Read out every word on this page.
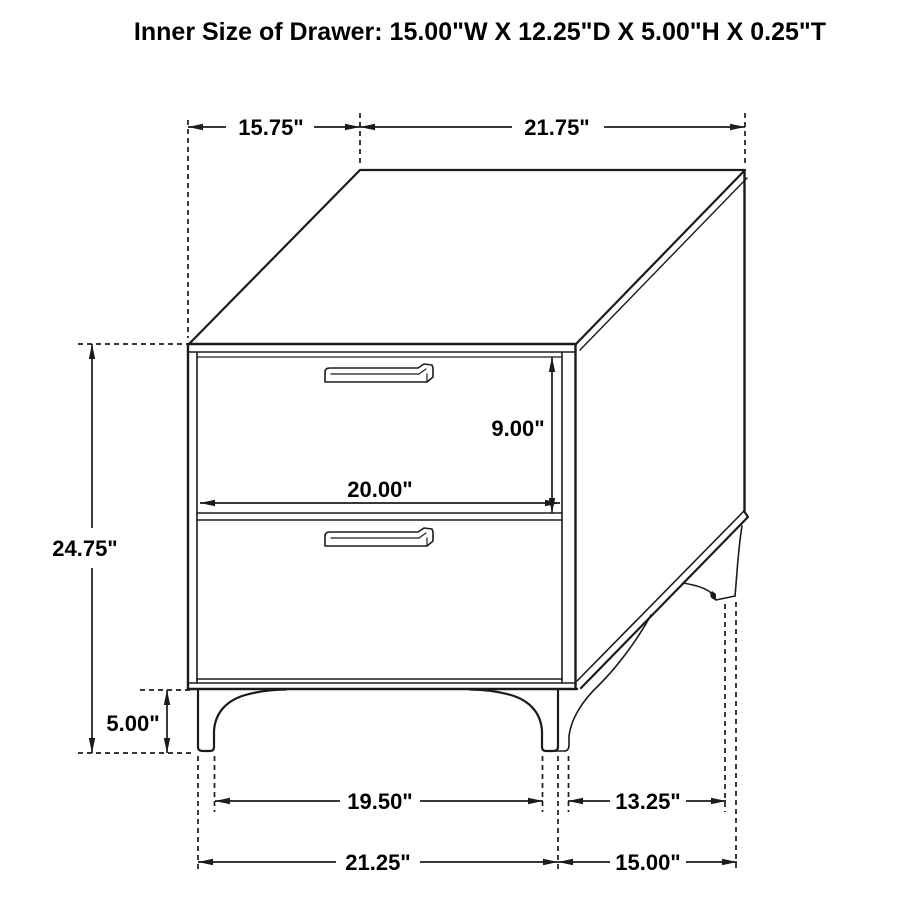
Inner Size of Drawer: 15.00"W X 12.25"D X 5.00"H X 0.25"T
15.75"	21.75"
24.75"
5.00"
9.00"
20.00"
19.50"	13.25"
21.25"	15.00"
